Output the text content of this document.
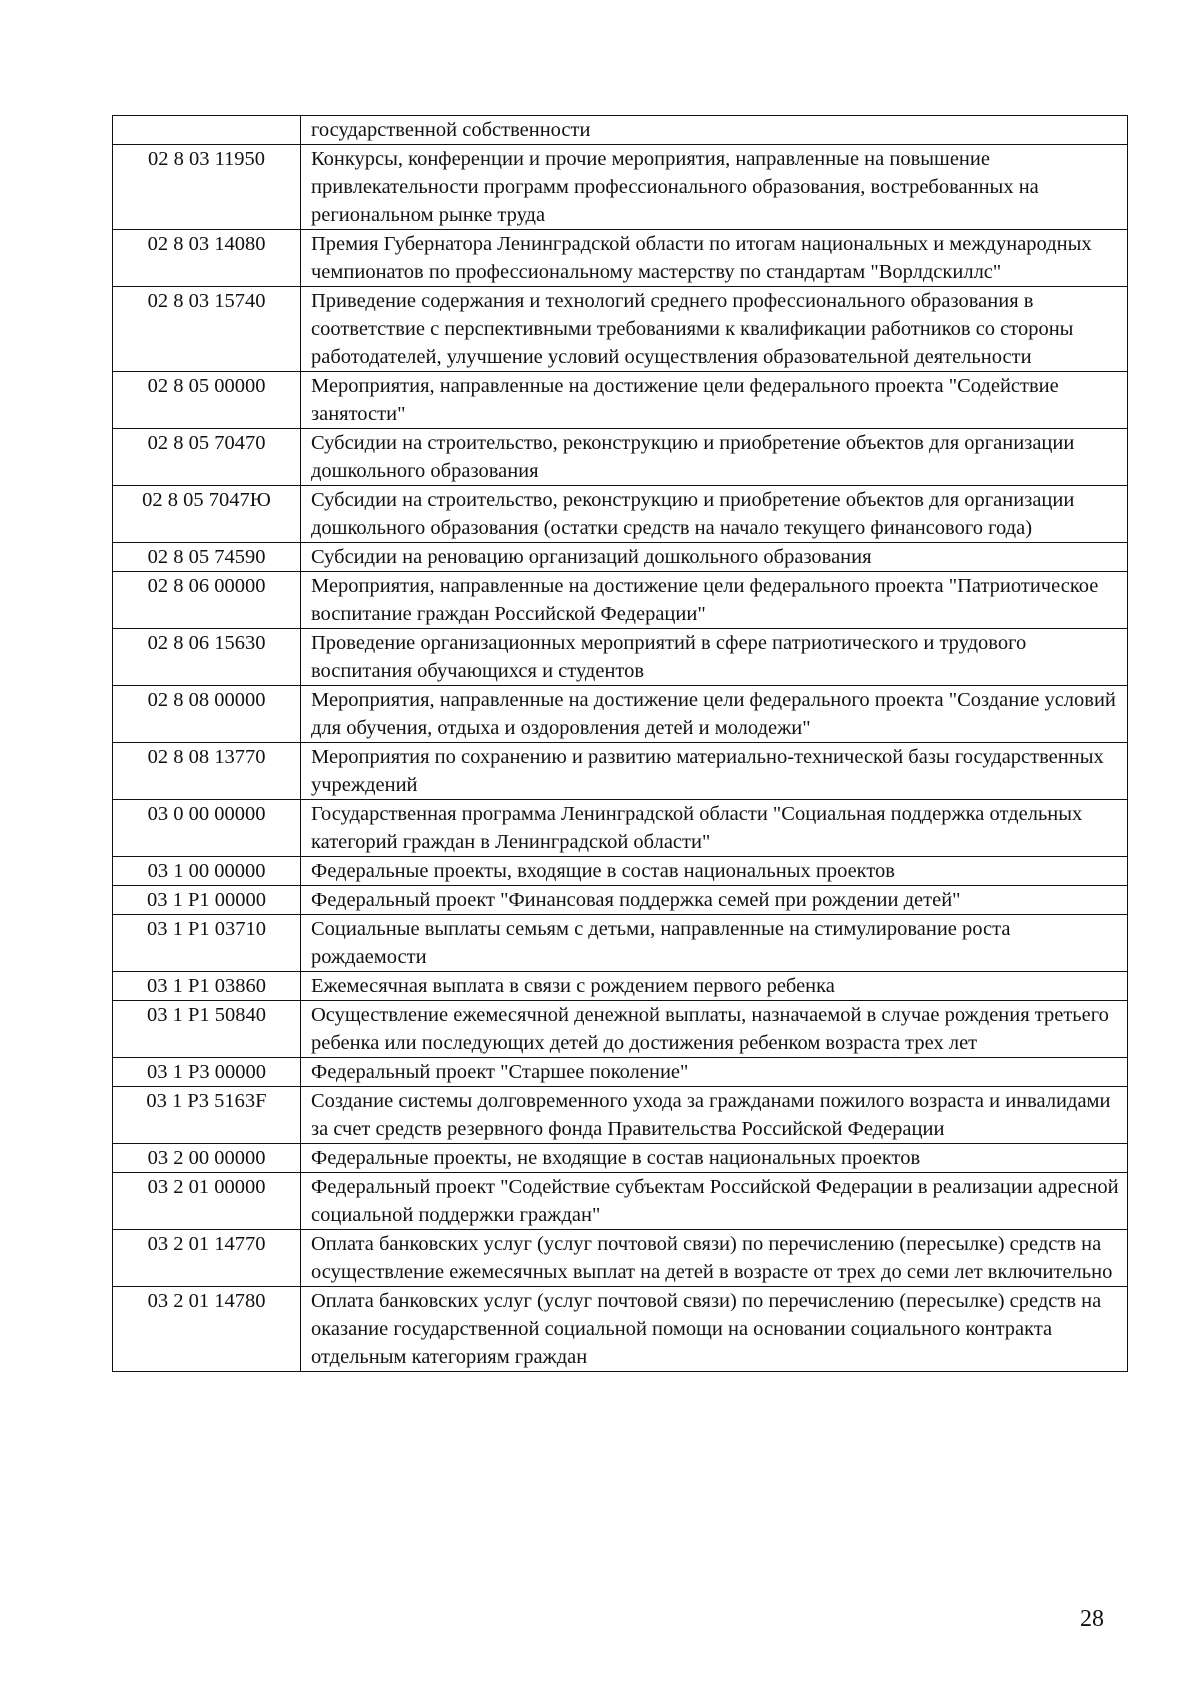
	государственной собственности
02 8 03 11950	Конкурсы, конференции и прочие мероприятия, направленные на повышение привлекательности программ профессионального образования, востребованных на региональном рынке труда
02 8 03 14080	Премия Губернатора Ленинградской области по итогам национальных и международных чемпионатов по профессиональному мастерству по стандартам "Ворлдскиллс"
02 8 03 15740	Приведение содержания и технологий среднего профессионального образования в соответствие с перспективными требованиями к квалификации работников со стороны работодателей, улучшение условий осуществления образовательной деятельности
02 8 05 00000	Мероприятия, направленные на достижение цели федерального проекта "Содействие занятости"
02 8 05 70470	Субсидии на строительство, реконструкцию и приобретение объектов для организации дошкольного образования
02 8 05 7047Ю	Субсидии на строительство, реконструкцию и приобретение объектов для организации дошкольного образования (остатки средств на начало текущего финансового года)
02 8 05 74590	Субсидии на реновацию организаций дошкольного образования
02 8 06 00000	Мероприятия, направленные на достижение цели федерального проекта "Патриотическое воспитание граждан Российской Федерации"
02 8 06 15630	Проведение организационных мероприятий в сфере патриотического и трудового воспитания обучающихся и студентов
02 8 08 00000	Мероприятия, направленные на достижение цели федерального проекта "Создание условий для обучения, отдыха и оздоровления детей и молодежи"
02 8 08 13770	Мероприятия по сохранению и развитию материально-технической базы государственных учреждений
03 0 00 00000	Государственная программа Ленинградской области "Социальная поддержка отдельных категорий граждан в Ленинградской области"
03 1 00 00000	Федеральные проекты, входящие в состав национальных проектов
03 1 P1 00000	Федеральный проект "Финансовая поддержка семей при рождении детей"
03 1 P1 03710	Социальные выплаты семьям с детьми, направленные на стимулирование роста рождаемости
03 1 P1 03860	Ежемесячная выплата в связи с рождением первого ребенка
03 1 P1 50840	Осуществление ежемесячной денежной выплаты, назначаемой в случае рождения третьего ребенка или последующих детей до достижения ребенком возраста трех лет
03 1 P3 00000	Федеральный проект "Старшее поколение"
03 1 P3 5163F	Создание системы долговременного ухода за гражданами пожилого возраста и инвалидами за счет средств резервного фонда Правительства Российской Федерации
03 2 00 00000	Федеральные проекты, не входящие в состав национальных проектов
03 2 01 00000	Федеральный проект "Содействие субъектам Российской Федерации в реализации адресной социальной поддержки граждан"
03 2 01 14770	Оплата банковских услуг (услуг почтовой связи) по перечислению (пересылке) средств на осуществление ежемесячных выплат на детей в возрасте от трех до семи лет включительно
03 2 01 14780	Оплата банковских услуг (услуг почтовой связи) по перечислению (пересылке) средств на оказание государственной социальной помощи на основании социального контракта отдельным категориям граждан
28
